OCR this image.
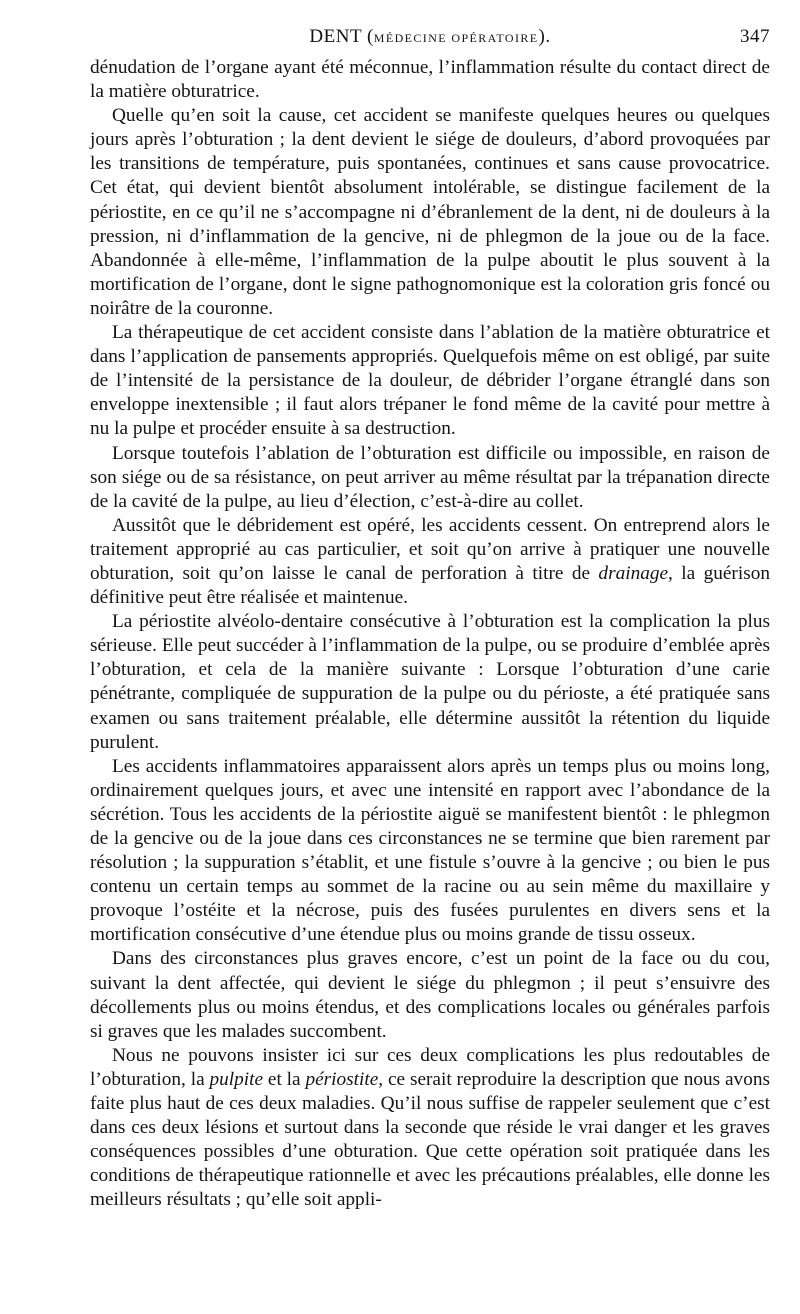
DENT (MÉDECINE OPÉRATOIRE).	347

dénudation de l’organe ayant été méconnue, l’inflammation résulte du contact direct de la matière obturatrice.

Quelle qu’en soit la cause, cet accident se manifeste quelques heures ou quelques jours après l’obturation ; la dent devient le siége de douleurs, d’abord provoquées par les transitions de température, puis spontanées, continues et sans cause provocatrice. Cet état, qui devient bientôt absolument intolérable, se distingue facilement de la périostite, en ce qu’il ne s’accompagne ni d’ébranlement de la dent, ni de douleurs à la pression, ni d’inflammation de la gencive, ni de phlegmon de la joue ou de la face. Abandonnée à elle-même, l’inflammation de la pulpe aboutit le plus souvent à la mortification de l’organe, dont le signe pathognomonique est la coloration gris foncé ou noirâtre de la couronne.

La thérapeutique de cet accident consiste dans l’ablation de la matière obturatrice et dans l’application de pansements appropriés. Quelquefois même on est obligé, par suite de l’intensité de la persistance de la douleur, de débrider l’organe étranglé dans son enveloppe inextensible ; il faut alors trépaner le fond même de la cavité pour mettre à nu la pulpe et procéder ensuite à sa destruction.

Lorsque toutefois l’ablation de l’obturation est difficile ou impossible, en raison de son siége ou de sa résistance, on peut arriver au même résultat par la trépanation directe de la cavité de la pulpe, au lieu d’élection, c’est-à-dire au collet.

Aussitôt que le débridement est opéré, les accidents cessent. On entreprend alors le traitement approprié au cas particulier, et soit qu’on arrive à pratiquer une nouvelle obturation, soit qu’on laisse le canal de perforation à titre de drainage, la guérison définitive peut être réalisée et maintenue.

La périostite alvéolo-dentaire consécutive à l’obturation est la complication la plus sérieuse. Elle peut succéder à l’inflammation de la pulpe, ou se produire d’emblée après l’obturation, et cela de la manière suivante : Lorsque l’obturation d’une carie pénétrante, compliquée de suppuration de la pulpe ou du périoste, a été pratiquée sans examen ou sans traitement préalable, elle détermine aussitôt la rétention du liquide purulent.

Les accidents inflammatoires apparaissent alors après un temps plus ou moins long, ordinairement quelques jours, et avec une intensité en rapport avec l’abondance de la sécrétion. Tous les accidents de la périostite aiguë se manifestent bientôt : le phlegmon de la gencive ou de la joue dans ces circonstances ne se termine que bien rarement par résolution ; la suppuration s’établit, et une fistule s’ouvre à la gencive ; ou bien le pus contenu un certain temps au sommet de la racine ou au sein même du maxillaire y provoque l’ostéite et la nécrose, puis des fusées purulentes en divers sens et la mortification consécutive d’une étendue plus ou moins grande de tissu osseux.

Dans des circonstances plus graves encore, c’est un point de la face ou du cou, suivant la dent affectée, qui devient le siége du phlegmon ; il peut s’ensuivre des décollements plus ou moins étendus, et des complications locales ou générales parfois si graves que les malades succombent.

Nous ne pouvons insister ici sur ces deux complications les plus redoutables de l’obturation, la pulpite et la périostite, ce serait reproduire la description que nous avons faite plus haut de ces deux maladies. Qu’il nous suffise de rappeler seulement que c’est dans ces deux lésions et surtout dans la seconde que réside le vrai danger et les graves conséquences possibles d’une obturation. Que cette opération soit pratiquée dans les conditions de thérapeutique rationnelle et avec les précautions préalables, elle donne les meilleurs résultats ; qu’elle soit appli-
